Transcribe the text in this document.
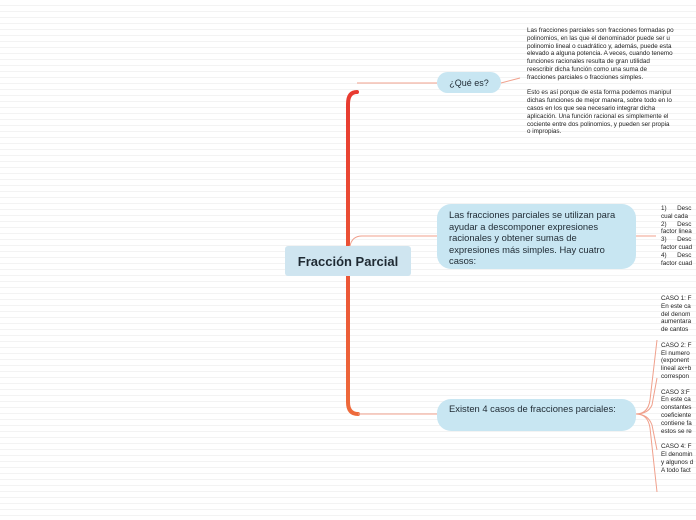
Fracción Parcial
¿Qué es?
Las fracciones parciales se utilizan para ayudar a descomponer expresiones racionales y obtener sumas de expresiones más simples. Hay cuatro casos:
Existen 4 casos de fracciones parciales:
Las fracciones parciales son fracciones formadas po
polinomios, en las que el denominador puede ser u
polinomio lineal o cuadrático y, además, puede esta
elevado a alguna potencia. A veces, cuando tenemo
funciones racionales resulta de gran utilidad
reescribir dicha función como una suma de
fracciones parciales o fracciones simples.

Esto es así porque de esta forma podemos manipul
dichas funciones de mejor manera, sobre todo en lo
casos en los que sea necesario integrar dicha
aplicación. Una función racional es simplemente el
cociente entre dos polinomios, y pueden ser propia
o impropias.
1)      Desc
cual cada
2)      Desc
factor linea
3)      Desc
factor cuad
4)      Desc
factor cuad
CASO 1: F
En este ca
del denom
aumentara
de cantos

CASO 2: F
El numero
(exponent
lineal ax+b
correspon

CASO 3:F
En este ca
constantes
coeficiente
contiene fa
estos se re

CASO 4: F
El denomin
y algunos d
A todo fact
